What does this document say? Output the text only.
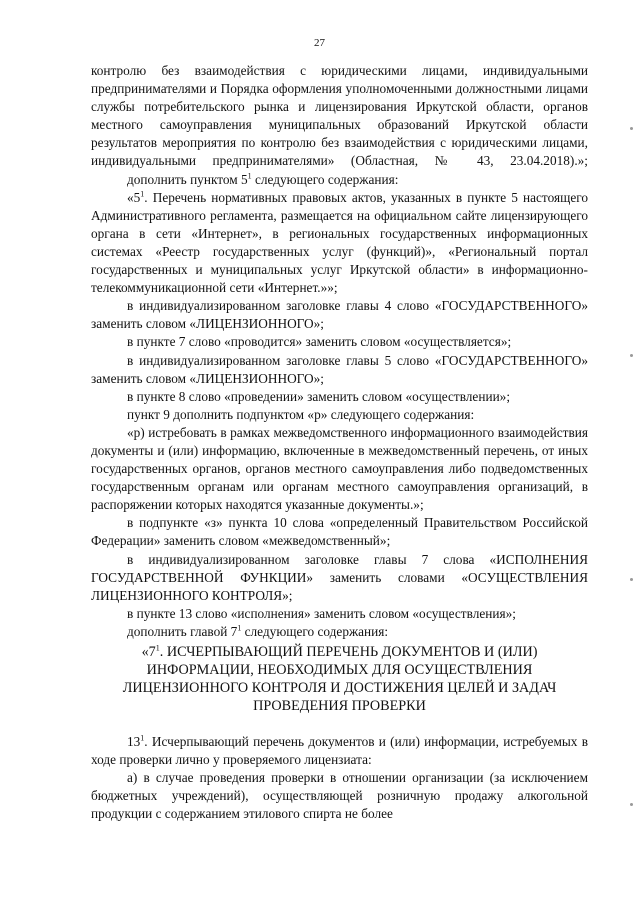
27

контролю без взаимодействия с юридическими лицами, индивидуальными предпринимателями и Порядка оформления уполномоченными должностными лицами службы потребительского рынка и лицензирования Иркутской области, органов местного самоуправления муниципальных образований Иркутской области результатов мероприятия по контролю без взаимодействия с юридическими лицами, индивидуальными предпринимателями» (Областная, № 43, 23.04.2018).»;

дополнить пунктом $5^1$ следующего содержания:

«$5^1$. Перечень нормативных правовых актов, указанных в пункте 5 настоящего Административного регламента, размещается на официальном сайте лицензирующего органа в сети «Интернет», в региональных государственных информационных системах «Реестр государственных услуг (функций)», «Региональный портал государственных и муниципальных услуг Иркутской области» в информационно-телекоммуникационной сети «Интернет.»»;

в индивидуализированном заголовке главы 4 слово «ГОСУДАРСТВЕННОГО» заменить словом «ЛИЦЕНЗИОННОГО»;

в пункте 7 слово «проводится» заменить словом «осуществляется»;

в индивидуализированном заголовке главы 5 слово «ГОСУДАРСТВЕННОГО» заменить словом «ЛИЦЕНЗИОННОГО»;

в пункте 8 слово «проведении» заменить словом «осуществлении»;

пункт 9 дополнить подпунктом «р» следующего содержания:

«р) истребовать в рамках межведомственного информационного взаимодействия документы и (или) информацию, включенные в межведомственный перечень, от иных государственных органов, органов местного самоуправления либо подведомственных государственным органам или органам местного самоуправления организаций, в распоряжении которых находятся указанные документы.»;

в подпункте «з» пункта 10 слова «определенный Правительством Российской Федерации» заменить словом «межведомственный»;

в индивидуализированном заголовке главы 7 слова «ИСПОЛНЕНИЯ ГОСУДАРСТВЕННОЙ ФУНКЦИИ» заменить словами «ОСУЩЕСТВЛЕНИЯ ЛИЦЕНЗИОННОГО КОНТРОЛЯ»;

в пункте 13 слово «исполнения» заменить словом «осуществления»;

дополнить главой $7^1$ следующего содержания:

«$7^1$. ИСЧЕРПЫВАЮЩИЙ ПЕРЕЧЕНЬ ДОКУМЕНТОВ И (ИЛИ) ИНФОРМАЦИИ, НЕОБХОДИМЫХ ДЛЯ ОСУЩЕСТВЛЕНИЯ ЛИЦЕНЗИОННОГО КОНТРОЛЯ И ДОСТИЖЕНИЯ ЦЕЛЕЙ И ЗАДАЧ ПРОВЕДЕНИЯ ПРОВЕРКИ

$13^1$. Исчерпывающий перечень документов и (или) информации, истребуемых в ходе проверки лично у проверяемого лицензиата:

а) в случае проведения проверки в отношении организации (за исключением бюджетных учреждений), осуществляющей розничную продажу алкогольной продукции с содержанием этилового спирта не более
